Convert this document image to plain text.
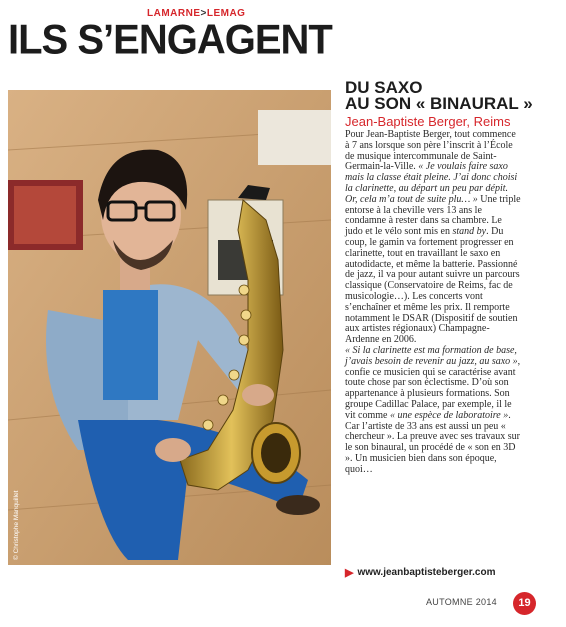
LAMARNE>LEMAG
ILS S’ENGAGENT
© Christophe Manquillet
DU SAXO
AU SON « BINAURAL »
Jean-Baptiste Berger, Reims

Pour Jean-Baptiste Berger, tout commence à 7 ans lorsque son père l’inscrit à l’École de musique intercommunale de Saint-Germain-la-Ville. « Je voulais faire saxo mais la classe était pleine. J’ai donc choisi la clarinette, au départ un peu par dépit. Or, cela m’a tout de suite plu… » Une triple entorse à la cheville vers 13 ans le condamne à rester dans sa chambre. Le judo et le vélo sont mis en stand by. Du coup, le gamin va fortement progresser en clarinette, tout en travaillant le saxo en autodidacte, et même la batterie. Passionné de jazz, il va pour autant suivre un parcours classique (Conservatoire de Reims, fac de musicologie…). Les concerts vont s’enchaîner et même les prix. Il remporte notamment le DSAR (Dispositif de soutien aux artistes régionaux) Champagne-Ardenne en 2006.

« Si la clarinette est ma formation de base, j’avais besoin de revenir au jazz, au saxo », confie ce musicien qui se caractérise avant toute chose par son éclectisme. D’où son appartenance à plusieurs formations. Son groupe Cadillac Palace, par exemple, il le vit comme « une espèce de laboratoire ». Car l’artiste de 33 ans est aussi un peu « chercheur ». La preuve avec ses travaux sur le son binaural, un procédé de « son en 3D ». Un musicien bien dans son époque, quoi…

▶ www.jeanbaptisteberger.com
AUTOMNE 2014	19
